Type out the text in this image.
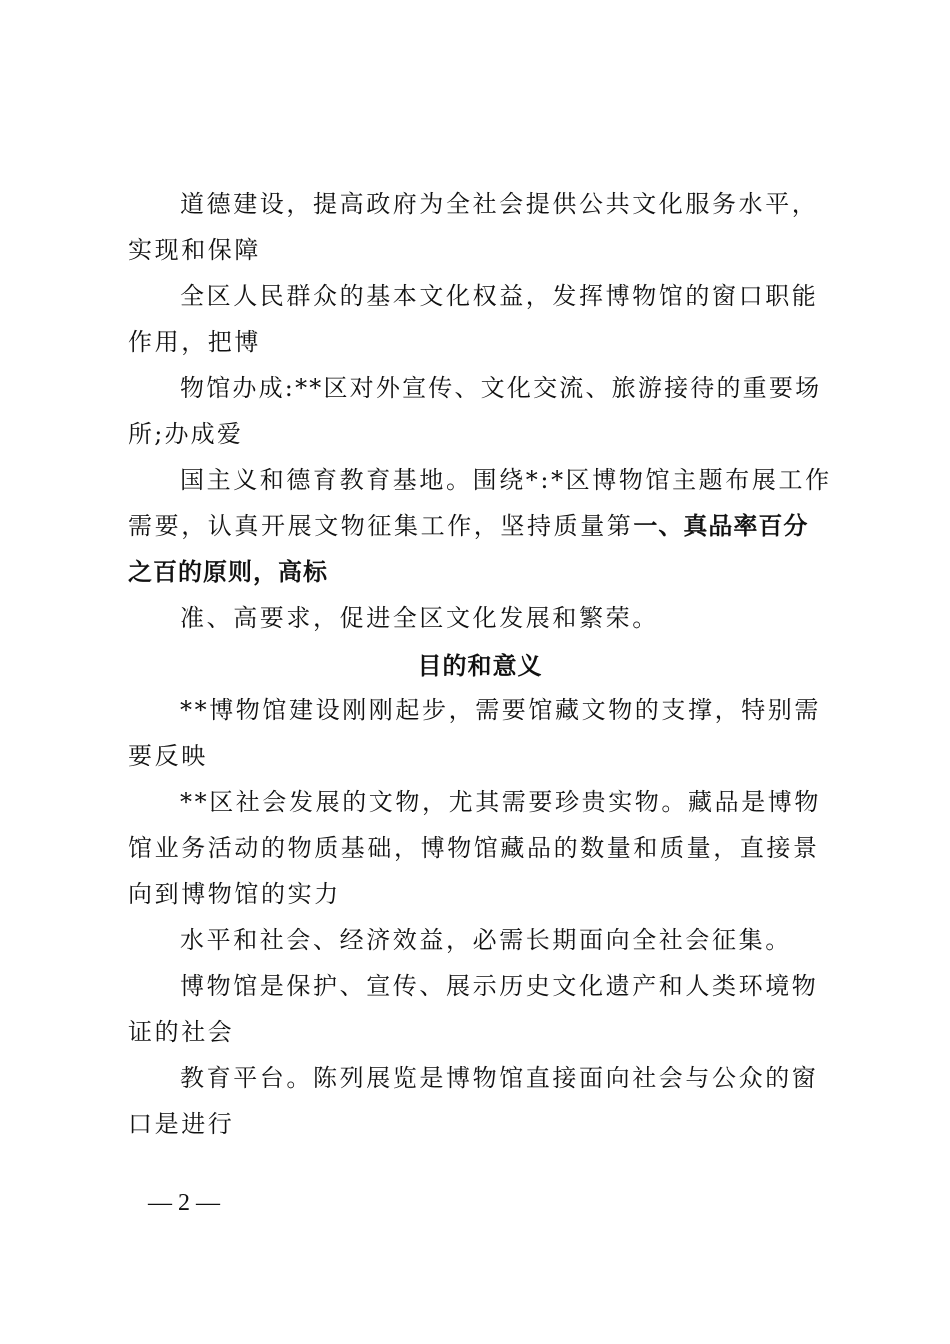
道德建设，提高政府为全社会提供公共文化服务水平，实现和保障

全区人民群众的基本文化权益，发挥博物馆的窗口职能作用，把博

物馆办成:**区对外宣传、文化交流、旅游接待的重要场所;办成爱

国主义和德育教育基地。围绕*:*区博物馆主题布展工作需要，认真开展文物征集工作，坚持质量第一、真品率百分之百的原则，高标

准、高要求，促进全区文化发展和繁荣。

目的和意义

**博物馆建设刚刚起步，需要馆藏文物的支撑，特别需要反映

**区社会发展的文物，尤其需要珍贵实物。藏品是博物馆业务活动的物质基础，博物馆藏品的数量和质量，直接景向到博物馆的实力

水平和社会、经济效益，必需长期面向全社会征集。

博物馆是保护、宣传、展示历史文化遗产和人类环境物证的社会

教育平台。陈列展览是博物馆直接面向社会与公众的窗口是进行

— 2 —
